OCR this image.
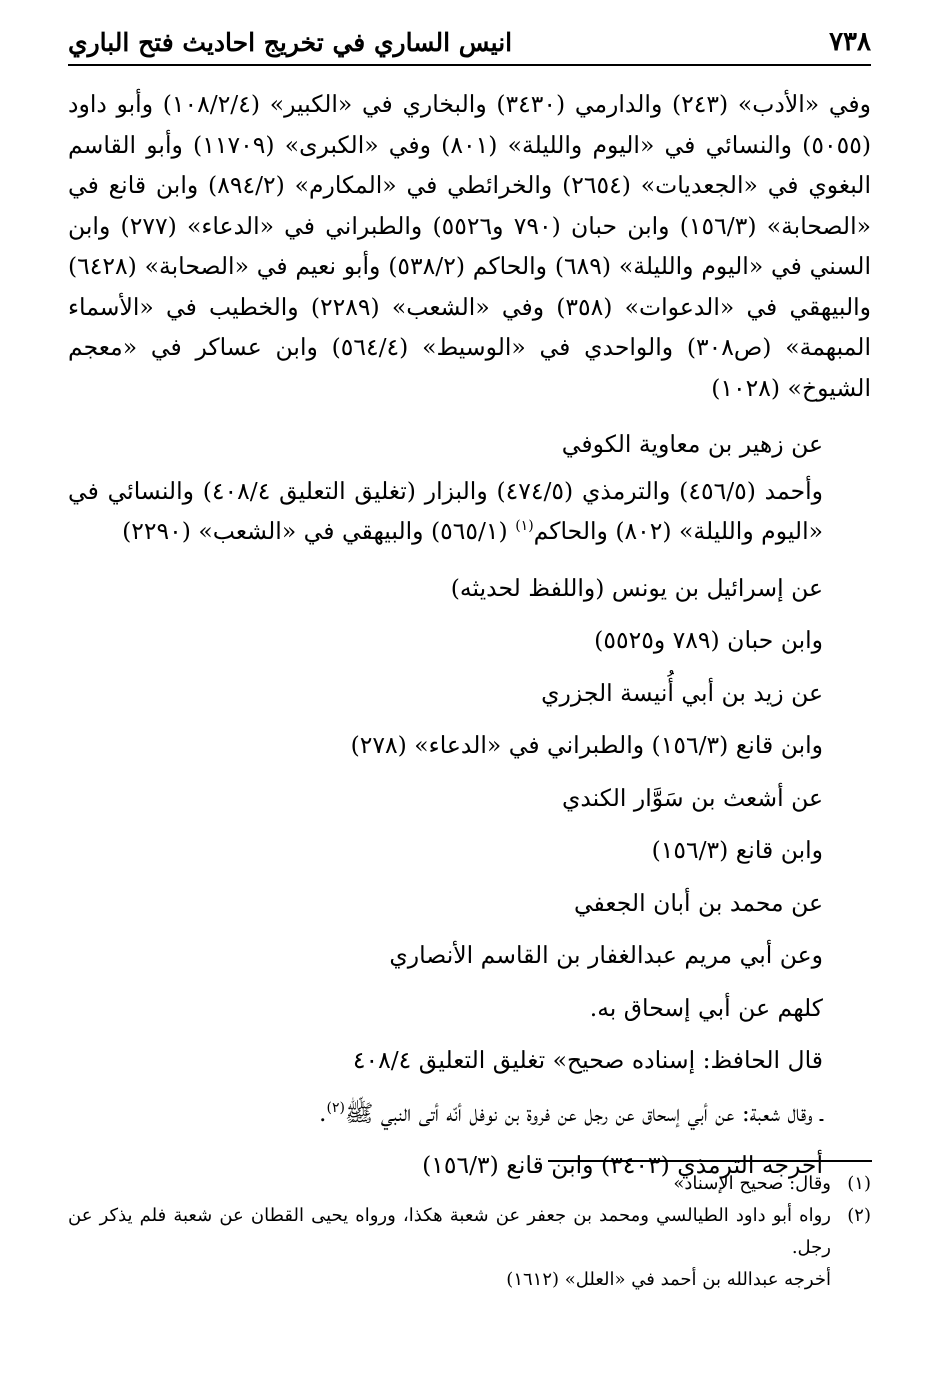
٧٣٨
انيس الساري في تخريج احاديث فتح الباري

وفي «الأدب» (٢٤٣) والدارمي (٣٤٣٠) والبخاري في «الكبير» (١٠٨/٢/٤) وأبو داود (٥٠٥٥) والنسائي في «اليوم والليلة» (٨٠١) وفي «الكبرى» (١١٧٠٩) وأبو القاسم البغوي في «الجعديات» (٢٦٥٤) والخرائطي في «المكارم» (٨٩٤/٢) وابن قانع في «الصحابة» (١٥٦/٣) وابن حبان (٧٩٠ و٥٥٢٦) والطبراني في «الدعاء» (٢٧٧) وابن السني في «اليوم والليلة» (٦٨٩) والحاكم (٥٣٨/٢) وأبو نعيم في «الصحابة» (٦٤٢٨) والبيهقي في «الدعوات» (٣٥٨) وفي «الشعب» (٢٢٨٩) والخطيب في «الأسماء المبهمة» (ص٣٠٨) والواحدي في «الوسيط» (٥٦٤/٤) وابن عساكر في «معجم الشيوخ» (١٠٢٨)

عن زهير بن معاوية الكوفي

وأحمد (٤٥٦/٥) والترمذي (٤٧٤/٥) والبزار (تغليق التعليق ٤٠٨/٤) والنسائي في «اليوم والليلة» (٨٠٢) والحاكم$^{(١)}$ (٥٦٥/١) والبيهقي في «الشعب» (٢٢٩٠)

عن إسرائيل بن يونس (واللفظ لحديثه)

وابن حبان (٧٨٩ و٥٥٢٥)

عن زيد بن أبي أُنيسة الجزري

وابن قانع (١٥٦/٣) والطبراني في «الدعاء» (٢٧٨)

عن أشعث بن سَوَّار الكندي

وابن قانع (١٥٦/٣)

عن محمد بن أبان الجعفي

وعن أبي مريم عبدالغفار بن القاسم الأنصاري

كلهم عن أبي إسحاق به.

قال الحافظ: إسناده صحيح» تغليق التعليق ٤٠٨/٤

ـ وقال شعبة: عن أبي إسحاق عن رجل عن فروة بن نوفل أنّه أتى النبي ﷺ$^{(٢)}$.

أخرجه الترمذي (٣٤٠٣) وابن قانع (١٥٦/٣)

(١)
وقال: صحيح الإسناد»
(٢)
رواه أبو داود الطيالسي ومحمد بن جعفر عن شعبة هكذا، ورواه يحيى القطان عن شعبة فلم يذكر عن رجل.
أخرجه عبدالله بن أحمد في «العلل» (١٦١٢)
